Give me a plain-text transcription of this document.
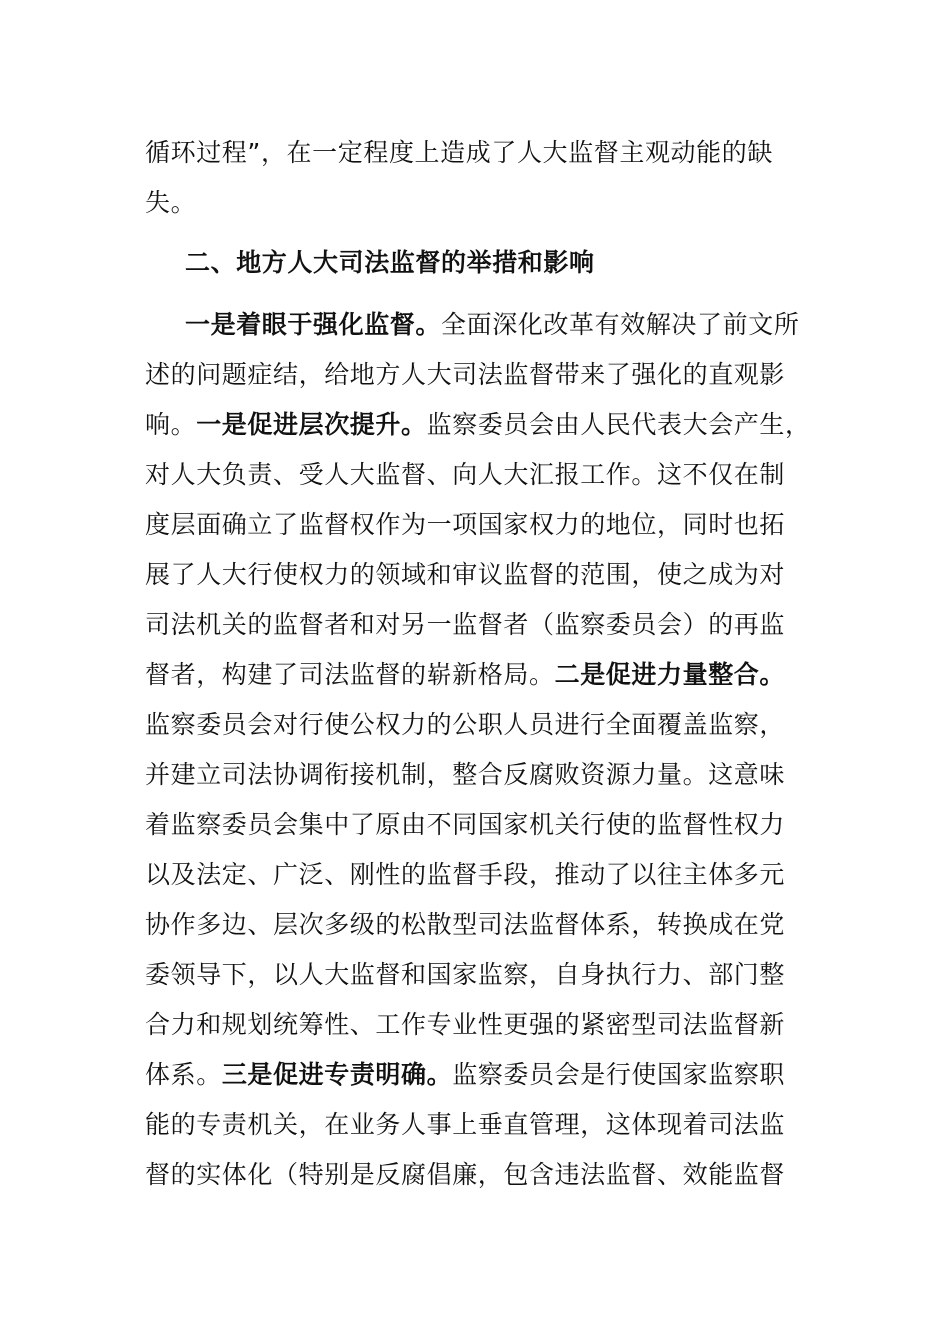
循环过程”，在一定程度上造成了人大监督主观动能的缺
失。
二、地方人大司法监督的举措和影响
一是着眼于强化监督。全面深化改革有效解决了前文所
述的问题症结，给地方人大司法监督带来了强化的直观影
响。一是促进层次提升。监察委员会由人民代表大会产生，
对人大负责、受人大监督、向人大汇报工作。这不仅在制
度层面确立了监督权作为一项国家权力的地位，同时也拓
展了人大行使权力的领域和审议监督的范围，使之成为对
司法机关的监督者和对另一监督者（监察委员会）的再监
督者，构建了司法监督的崭新格局。二是促进力量整合。
监察委员会对行使公权力的公职人员进行全面覆盖监察，
并建立司法协调衔接机制，整合反腐败资源力量。这意味
着监察委员会集中了原由不同国家机关行使的监督性权力
以及法定、广泛、刚性的监督手段，推动了以往主体多元
协作多边、层次多级的松散型司法监督体系，转换成在党
委领导下，以人大监督和国家监察，自身执行力、部门整
合力和规划统筹性、工作专业性更强的紧密型司法监督新
体系。三是促进专责明确。监察委员会是行使国家监察职
能的专责机关，在业务人事上垂直管理，这体现着司法监
督的实体化（特别是反腐倡廉，包含违法监督、效能监督
